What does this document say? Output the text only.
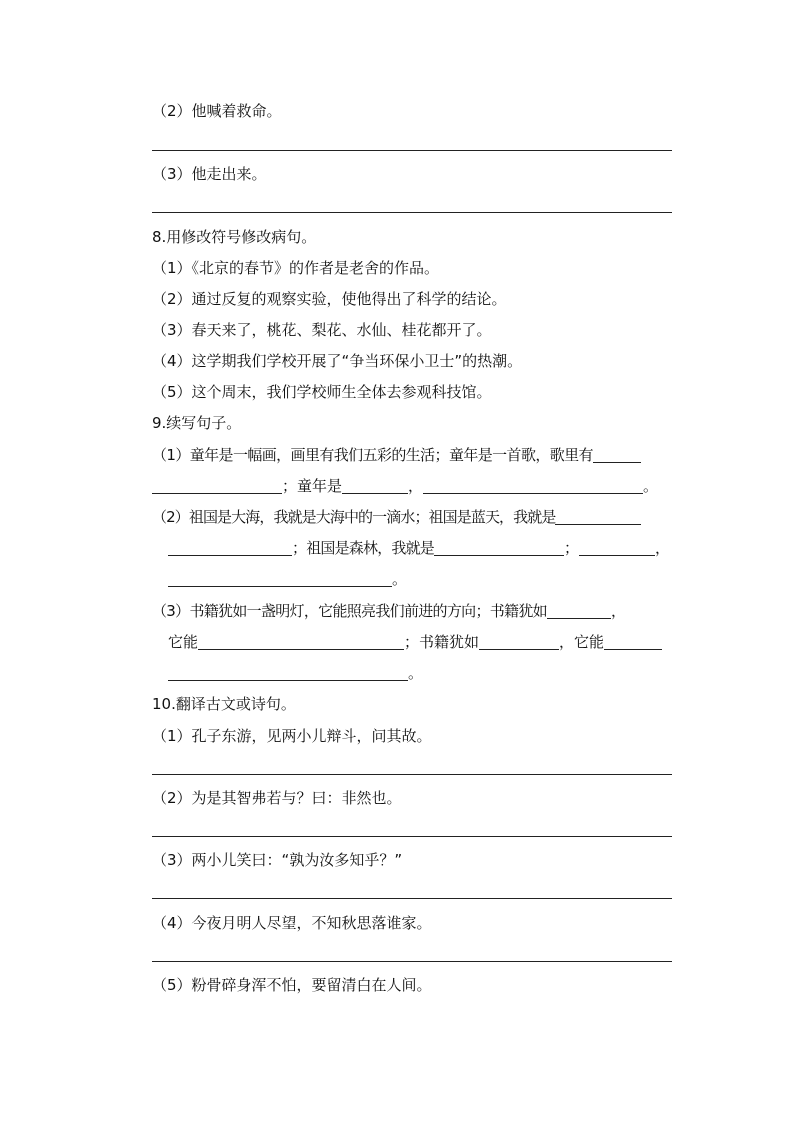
（2）他喊着救命。
（3）他走出来。
8.用修改符号修改病句。
（1）《北京的春节》的作者是老舍的作品。
（2）通过反复的观察实验，使他得出了科学的结论。
（3）春天来了，桃花、梨花、水仙、桂花都开了。
（4）这学期我们学校开展了“争当环保小卫士”的热潮。
（5）这个周末，我们学校师生全体去参观科技馆。
9.续写句子。
（1）童年是一幅画，画里有我们五彩的生活；童年是一首歌，歌里有
；童年是	，	。
（2）祖国是大海，我就是大海中的一滴水；祖国是蓝天，我就是
；祖国是森林，我就是	；	，
。
（3）书籍犹如一盏明灯，它能照亮我们前进的方向；书籍犹如	，
它能	；书籍犹如	，它能
。
10.翻译古文或诗句。
（1）孔子东游，见两小儿辩斗，问其故。
（2）为是其智弗若与？曰：非然也。
（3）两小儿笑曰：“孰为汝多知乎？”
（4）今夜月明人尽望，不知秋思落谁家。
（5）粉骨碎身浑不怕，要留清白在人间。
